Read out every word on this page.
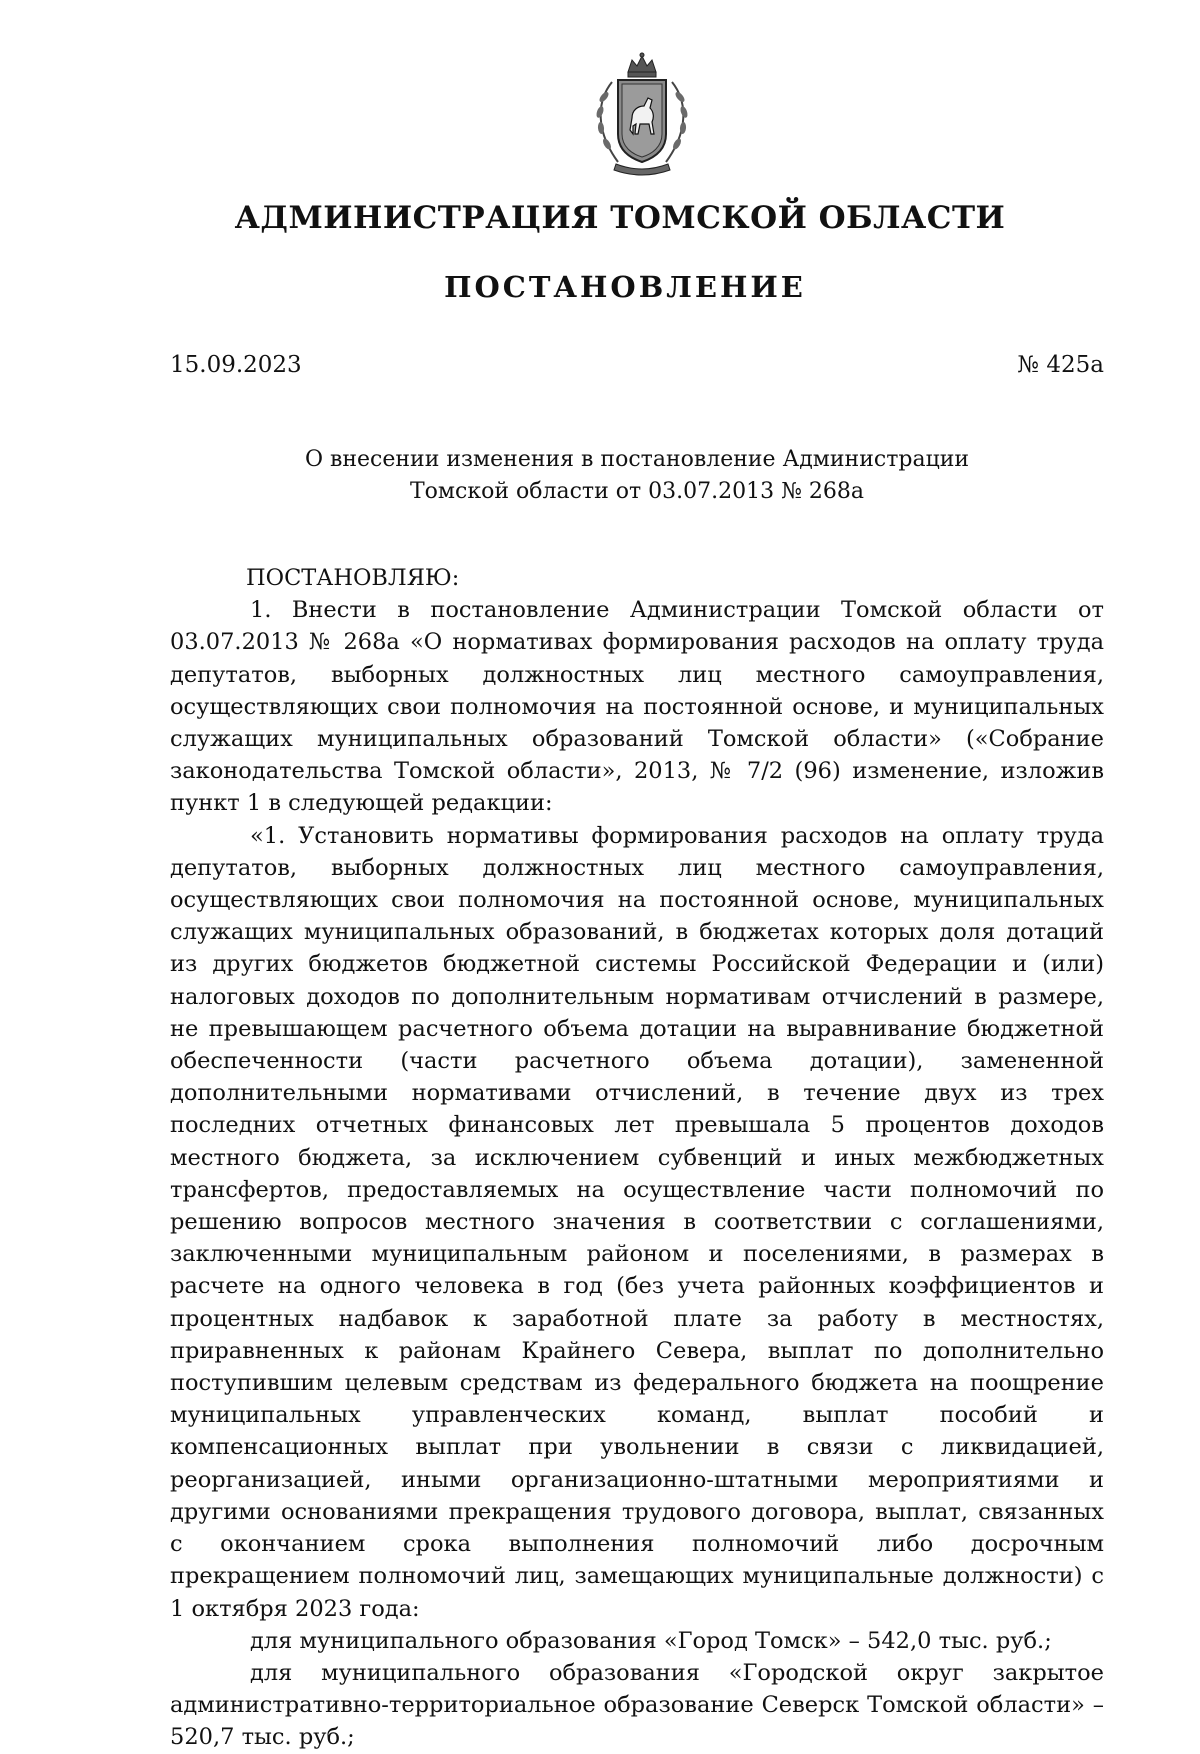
АДМИНИСТРАЦИЯ ТОМСКОЙ ОБЛАСТИ
ПОСТАНОВЛЕНИЕ
15.09.2023	№ 425а
О внесении изменения в постановление Администрации
Томской области от 03.07.2013 № 268а

ПОСТАНОВЛЯЮ:

1. Внести в постановление Администрации Томской области от 03.07.2013 № 268а «О нормативах формирования расходов на оплату труда депутатов, выборных должностных лиц местного самоуправления, осуществляющих свои полномочия на постоянной основе, и муниципальных служащих муниципальных образований Томской области» («Собрание законодательства Томской области», 2013, № 7/2 (96) изменение, изложив пункт 1 в следующей редакции:

«1. Установить нормативы формирования расходов на оплату труда депутатов, выборных должностных лиц местного самоуправления, осуществляющих свои полномочия на постоянной основе, муниципальных служащих муниципальных образований, в бюджетах которых доля дотаций из других бюджетов бюджетной системы Российской Федерации и (или) налоговых доходов по дополнительным нормативам отчислений в размере, не превышающем расчетного объема дотации на выравнивание бюджетной обеспеченности (части расчетного объема дотации), замененной дополнительными нормативами отчислений, в течение двух из трех последних отчетных финансовых лет превышала 5 процентов доходов местного бюджета, за исключением субвенций и иных межбюджетных трансфертов, предоставляемых на осуществление части полномочий по решению вопросов местного значения в соответствии с соглашениями, заключенными муниципальным районом и поселениями, в размерах в расчете на одного человека в год (без учета районных коэффициентов и процентных надбавок к заработной плате за работу в местностях, приравненных к районам Крайнего Севера, выплат по дополнительно поступившим целевым средствам из федерального бюджета на поощрение муниципальных управленческих команд, выплат пособий и компенсационных выплат при увольнении в связи с ликвидацией, реорганизацией, иными организационно-штатными мероприятиями и другими основаниями прекращения трудового договора, выплат, связанных с окончанием срока выполнения полномочий либо досрочным прекращением полномочий лиц, замещающих муниципальные должности) с 1 октября 2023 года:

для муниципального образования «Город Томск» – 542,0 тыс. руб.;

для муниципального образования «Городской округ закрытое административно-территориальное образование Северск Томской области» – 520,7 тыс. руб.;
